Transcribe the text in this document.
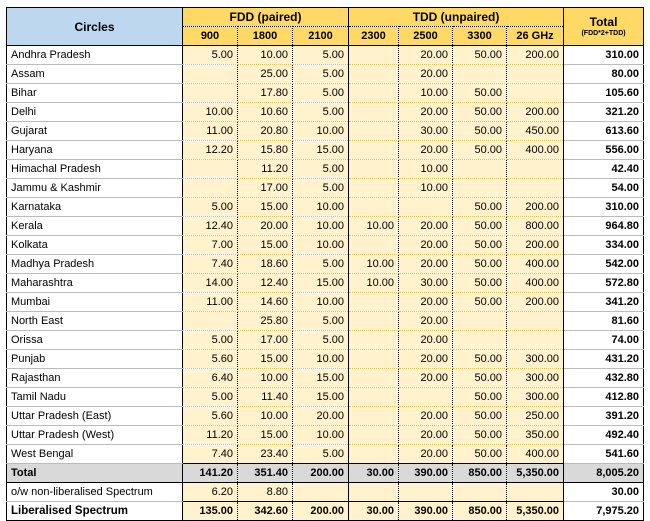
Circles	FDD (paired)			TDD (unpaired)				Total
(FDD*2+TDD)

	900	1800	2100	2300	2500	3300	26 GHz	
Andhra Pradesh	5.00	10.00	5.00		20.00	50.00	200.00	310.00
Assam		25.00	5.00		20.00			80.00
Bihar		17.80	5.00		10.00	50.00		105.60
Delhi	10.00	10.60	5.00		20.00	50.00	200.00	321.20
Gujarat	11.00	20.80	10.00		30.00	50.00	450.00	613.60
Haryana	12.20	15.80	15.00		20.00	50.00	400.00	556.00
Himachal Pradesh		11.20	5.00		10.00			42.40
Jammu & Kashmir		17.00	5.00		10.00			54.00
Karnataka	5.00	15.00	10.00			50.00	200.00	310.00
Kerala	12.40	20.00	10.00	10.00	20.00	50.00	800.00	964.80
Kolkata	7.00	15.00	10.00		20.00	50.00	200.00	334.00
Madhya Pradesh	7.40	18.60	5.00	10.00	20.00	50.00	400.00	542.00
Maharashtra	14.00	12.40	15.00	10.00	30.00	50.00	400.00	572.80
Mumbai	11.00	14.60	10.00		20.00	50.00	200.00	341.20
North East		25.80	5.00		20.00			81.60
Orissa	5.00	17.00	5.00		20.00			74.00
Punjab	5.60	15.00	10.00		20.00	50.00	300.00	431.20
Rajasthan	6.40	10.00	15.00		20.00	50.00	300.00	432.80
Tamil Nadu	5.00	11.40	15.00			50.00	300.00	412.80
Uttar Pradesh (East)	5.60	10.00	20.00		20.00	50.00	250.00	391.20
Uttar Pradesh (West)	11.20	15.00	10.00		20.00	50.00	350.00	492.40
West Bengal	7.40	23.40	5.00		20.00	50.00	400.00	541.60
Total	141.20	351.40	200.00	30.00	390.00	850.00	5,350.00	8,005.20
o/w non-liberalised Spectrum	6.20	8.80						30.00
Liberalised Spectrum	135.00	342.60	200.00	30.00	390.00	850.00	5,350.00	7,975.20
